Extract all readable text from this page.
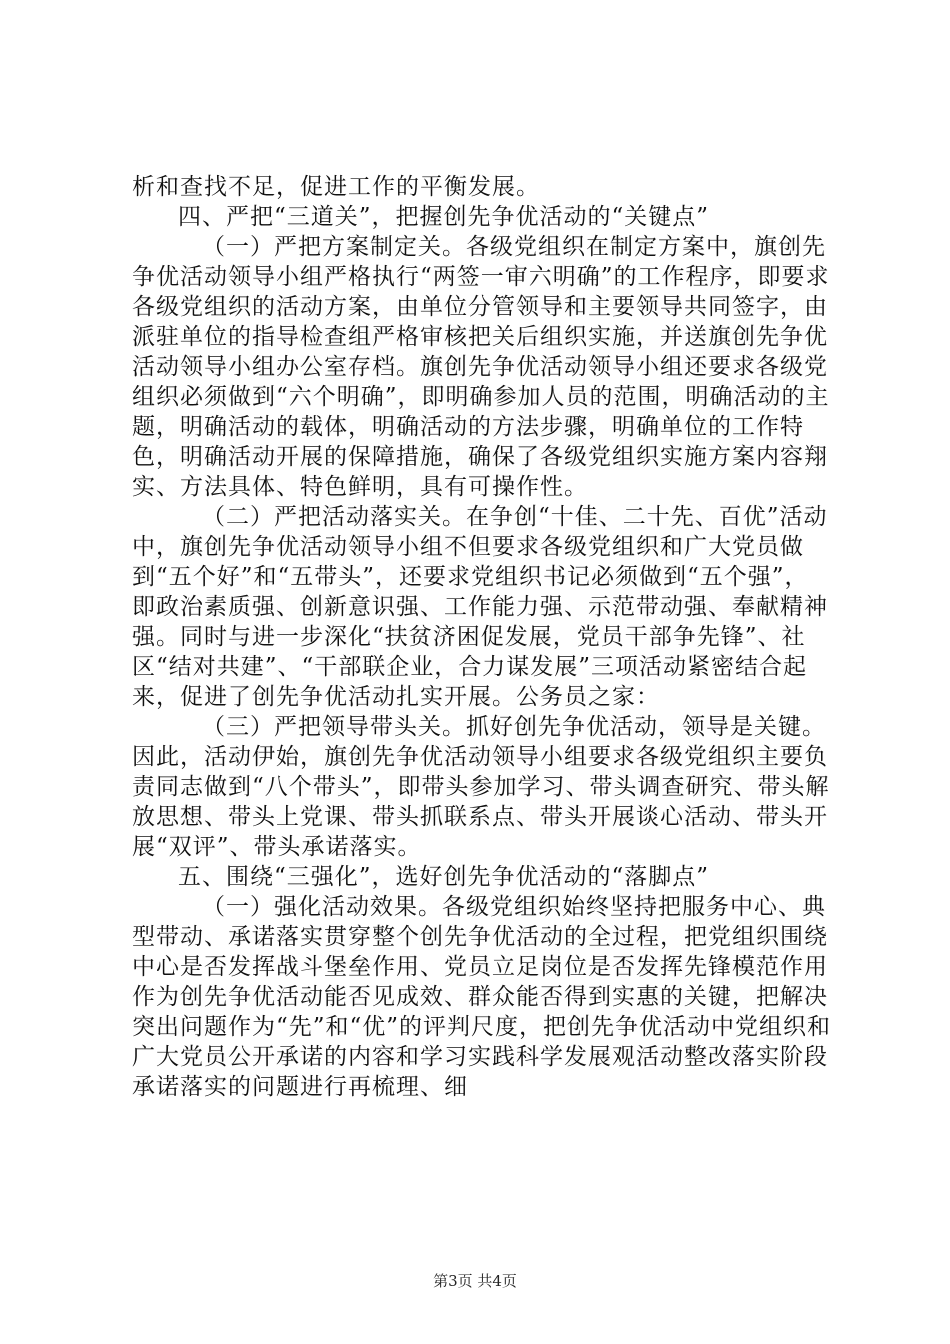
析和查找不足，促进工作的平衡发展。

四、严把“三道关”，把握创先争优活动的“关键点”

（一）严把方案制定关。各级党组织在制定方案中，旗创先争优活动领导小组严格执行“两签一审六明确”的工作程序，即要求各级党组织的活动方案，由单位分管领导和主要领导共同签字，由派驻单位的指导检查组严格审核把关后组织实施，并送旗创先争优活动领导小组办公室存档。旗创先争优活动领导小组还要求各级党组织必须做到“六个明确”，即明确参加人员的范围，明确活动的主题，明确活动的载体，明确活动的方法步骤，明确单位的工作特色，明确活动开展的保障措施，确保了各级党组织实施方案内容翔实、方法具体、特色鲜明，具有可操作性。

（二）严把活动落实关。在争创“十佳、二十先、百优”活动中，旗创先争优活动领导小组不但要求各级党组织和广大党员做到“五个好”和“五带头”，还要求党组织书记必须做到“五个强”，即政治素质强、创新意识强、工作能力强、示范带动强、奉献精神强。同时与进一步深化“扶贫济困促发展，党员干部争先锋”、社区“结对共建”、“干部联企业，合力谋发展”三项活动紧密结合起来，促进了创先争优活动扎实开展。公务员之家：

（三）严把领导带头关。抓好创先争优活动，领导是关键。因此，活动伊始，旗创先争优活动领导小组要求各级党组织主要负责同志做到“八个带头”，即带头参加学习、带头调查研究、带头解放思想、带头上党课、带头抓联系点、带头开展谈心活动、带头开展“双评”、带头承诺落实。

五、围绕“三强化”，选好创先争优活动的“落脚点”

（一）强化活动效果。各级党组织始终坚持把服务中心、典型带动、承诺落实贯穿整个创先争优活动的全过程，把党组织围绕中心是否发挥战斗堡垒作用、党员立足岗位是否发挥先锋模范作用作为创先争优活动能否见成效、群众能否得到实惠的关键，把解决突出问题作为“先”和“优”的评判尺度，把创先争优活动中党组织和广大党员公开承诺的内容和学习实践科学发展观活动整改落实阶段承诺落实的问题进行再梳理、细

第3页 共4页
